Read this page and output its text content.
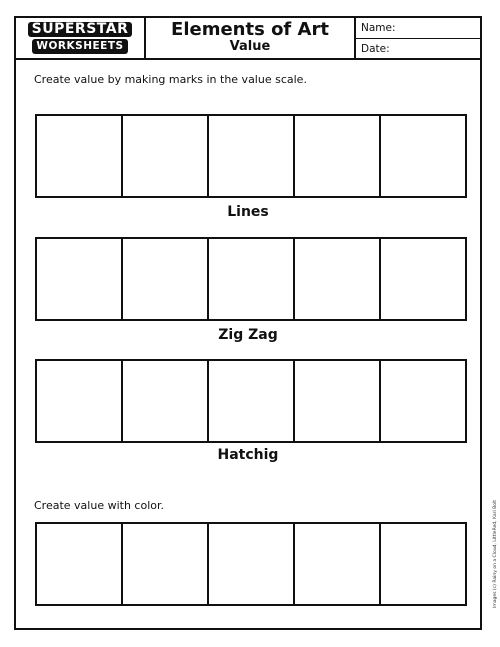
SUPERSTAR
WORKSHEETS
Elements of Art
Value
Name:
Date:
Create value by making marks in the value scale.
Lines
Zig Zag
Hatchig
Create value with color.	Images (c) Rainy on a Cloud, LittleRed, Kari Bolt
